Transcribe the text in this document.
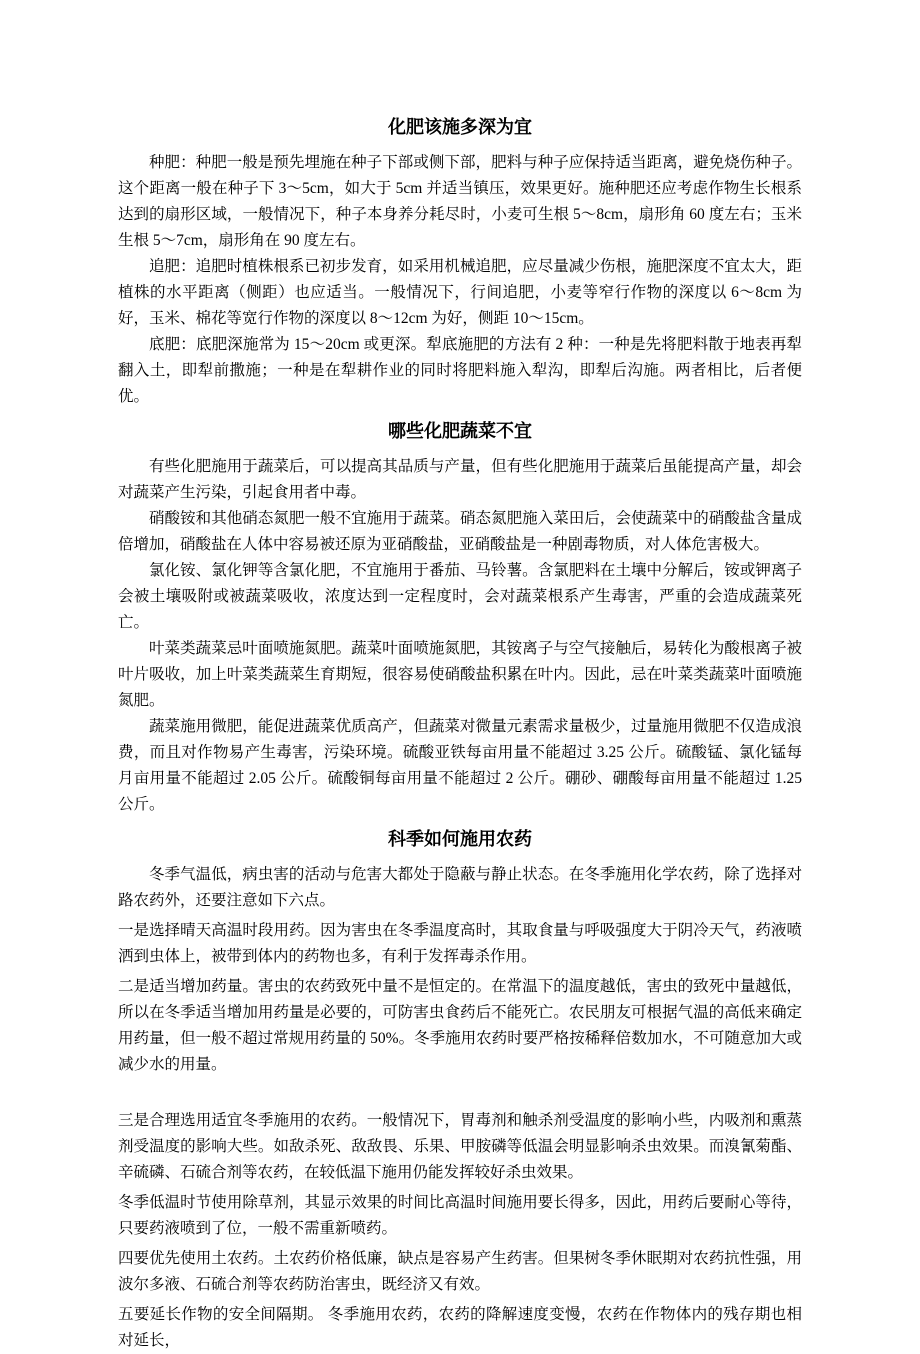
化肥该施多深为宜

种肥：种肥一般是预先埋施在种子下部或侧下部，肥料与种子应保持适当距离，避免烧伤种子。这个距离一般在种子下 3～5cm，如大于 5cm 并适当镇压，效果更好。施种肥还应考虑作物生长根系达到的扇形区域，一般情况下，种子本身养分耗尽时，小麦可生根 5～8cm，扇形角 60 度左右；玉米生根 5～7cm，扇形角在 90 度左右。

追肥：追肥时植株根系已初步发育，如采用机械追肥，应尽量减少伤根，施肥深度不宜太大，距植株的水平距离（侧距）也应适当。一般情况下，行间追肥，小麦等窄行作物的深度以 6～8cm 为好，玉米、棉花等宽行作物的深度以 8～12cm 为好，侧距 10～15cm。

底肥：底肥深施常为 15～20cm 或更深。犁底施肥的方法有 2 种：一种是先将肥料散于地表再犁翻入土，即犁前撒施；一种是在犁耕作业的同时将肥料施入犁沟，即犁后沟施。两者相比，后者便优。

哪些化肥蔬菜不宜

有些化肥施用于蔬菜后，可以提高其品质与产量，但有些化肥施用于蔬菜后虽能提高产量，却会对蔬菜产生污染，引起食用者中毒。

硝酸铵和其他硝态氮肥一般不宜施用于蔬菜。硝态氮肥施入菜田后，会使蔬菜中的硝酸盐含量成倍增加，硝酸盐在人体中容易被还原为亚硝酸盐，亚硝酸盐是一种剧毒物质，对人体危害极大。

氯化铵、氯化钾等含氯化肥，不宜施用于番茄、马铃薯。含氯肥料在土壤中分解后，铵或钾离子会被土壤吸附或被蔬菜吸收，浓度达到一定程度时，会对蔬菜根系产生毒害，严重的会造成蔬菜死亡。

叶菜类蔬菜忌叶面喷施氮肥。蔬菜叶面喷施氮肥，其铵离子与空气接触后，易转化为酸根离子被叶片吸收，加上叶菜类蔬菜生育期短，很容易使硝酸盐积累在叶内。因此，忌在叶菜类蔬菜叶面喷施氮肥。

蔬菜施用微肥，能促进蔬菜优质高产，但蔬菜对微量元素需求量极少，过量施用微肥不仅造成浪费，而且对作物易产生毒害，污染环境。硫酸亚铁每亩用量不能超过 3.25 公斤。硫酸锰、氯化锰每月亩用量不能超过 2.05 公斤。硫酸铜每亩用量不能超过 2 公斤。硼砂、硼酸每亩用量不能超过 1.25 公斤。

科季如何施用农药

冬季气温低，病虫害的活动与危害大都处于隐蔽与静止状态。在冬季施用化学农药，除了选择对路农药外，还要注意如下六点。

一是选择晴天高温时段用药。因为害虫在冬季温度高时，其取食量与呼吸强度大于阴冷天气，药液喷洒到虫体上，被带到体内的药物也多，有利于发挥毒杀作用。

二是适当增加药量。害虫的农药致死中量不是恒定的。在常温下的温度越低，害虫的致死中量越低，所以在冬季适当增加用药量是必要的，可防害虫食药后不能死亡。农民朋友可根据气温的高低来确定用药量，但一般不超过常规用药量的 50%。冬季施用农药时要严格按稀释倍数加水，不可随意加大或减少水的用量。

三是合理选用适宜冬季施用的农药。一般情况下，胃毒剂和触杀剂受温度的影响小些，内吸剂和熏蒸剂受温度的影响大些。如敌杀死、敌敌畏、乐果、甲胺磷等低温会明显影响杀虫效果。而溴氰菊酯、辛硫磷、石硫合剂等农药，在较低温下施用仍能发挥较好杀虫效果。

冬季低温时节使用除草剂，其显示效果的时间比高温时间施用要长得多，因此，用药后要耐心等待，只要药液喷到了位，一般不需重新喷药。

四要优先使用土农药。土农药价格低廉，缺点是容易产生药害。但果树冬季休眠期对农药抗性强，用波尔多液、石硫合剂等农药防治害虫，既经济又有效。

五要延长作物的安全间隔期。 冬季施用农药，农药的降解速度变慢，农药在作物体内的残存期也相对延长，
